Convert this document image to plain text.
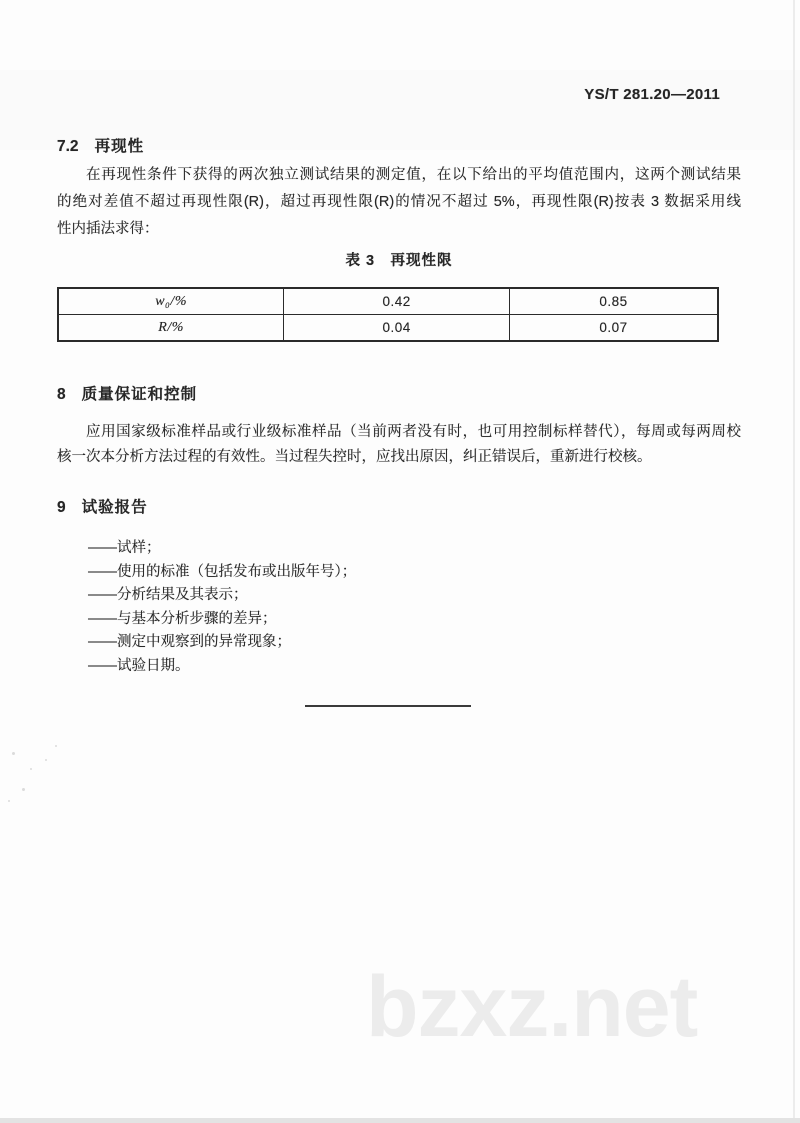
YS/T 281.20—2011
7.2 再现性
在再现性条件下获得的两次独立测试结果的测定值，在以下给出的平均值范围内，这两个测试结果
的绝对差值不超过再现性限(R)，超过再现性限(R)的情况不超过 5%，再现性限(R)按表 3 数据采用线
性内插法求得：
表 3　再现性限
w₀/%	0.42	0.85
R/%	0.04	0.07
8 质量保证和控制
应用国家级标准样品或行业级标准样品（当前两者没有时，也可用控制标样替代），每周或每两周校
核一次本分析方法过程的有效性。当过程失控时，应找出原因，纠正错误后，重新进行校核。
9 试验报告
——试样；
——使用的标准（包括发布或出版年号）；
——分析结果及其表示；
——与基本分析步骤的差异；
——测定中观察到的异常现象；
——试验日期。
bzxz.net
